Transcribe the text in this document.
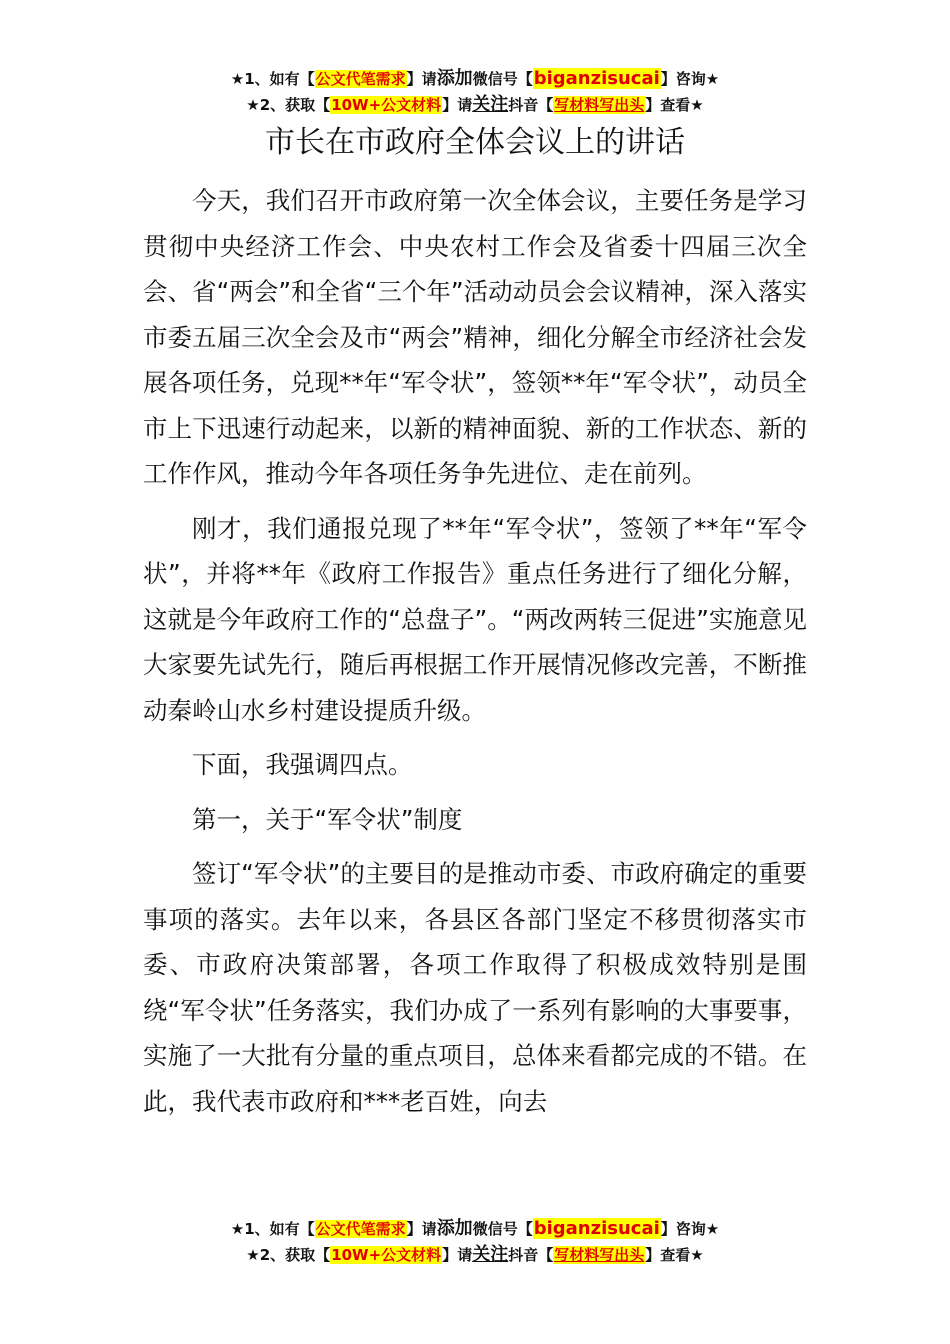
★1、如有【公文代笔需求】请添加微信号【biganzisucai】咨询★
★2、获取【10W+公文材料】请关注抖音【写材料写出头】查看★
市长在市政府全体会议上的讲话

今天，我们召开市政府第一次全体会议，主要任务是学习贯彻中央经济工作会、中央农村工作会及省委十四届三次全会、省“两会”和全省“三个年”活动动员会会议精神，深入落实市委五届三次全会及市“两会”精神，细化分解全市经济社会发展各项任务，兑现**年“军令状”，签领**年“军令状”，动员全市上下迅速行动起来，以新的精神面貌、新的工作状态、新的工作作风，推动今年各项任务争先进位、走在前列。

刚才，我们通报兑现了**年“军令状”，签领了**年“军令状”，并将**年《政府工作报告》重点任务进行了细化分解，这就是今年政府工作的“总盘子”。“两改两转三促进”实施意见大家要先试先行，随后再根据工作开展情况修改完善，不断推动秦岭山水乡村建设提质升级。

下面，我强调四点。

第一，关于“军令状”制度

签订“军令状”的主要目的是推动市委、市政府确定的重要事项的落实。去年以来，各县区各部门坚定不移贯彻落实市委、市政府决策部署，各项工作取得了积极成效特别是围绕“军令状”任务落实，我们办成了一系列有影响的大事要事，实施了一大批有分量的重点项目，总体来看都完成的不错。在此，我代表市政府和***老百姓，向去

★1、如有【公文代笔需求】请添加微信号【biganzisucai】咨询★
★2、获取【10W+公文材料】请关注抖音【写材料写出头】查看★
